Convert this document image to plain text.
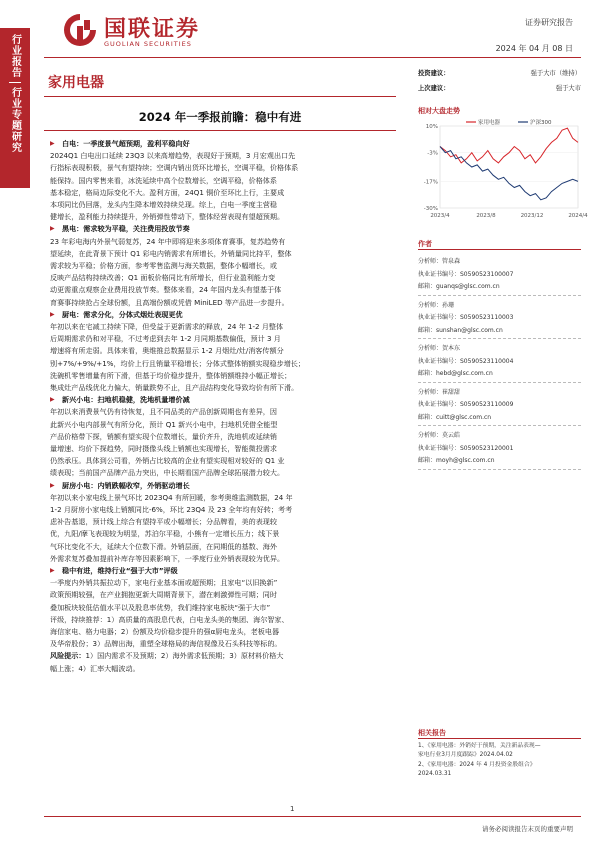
行业报告
行业专题研究
国联证券
GUOLIAN SECURITIES
证券研究报告
2024 年 04 月 08 日
家用电器
2024 年一季报前瞻：稳中有进
▶ 白电：一季度景气超预期，盈利平稳向好
2024Q1 白电出口延续 23Q3 以来高增趋势，表现好于预期，3 月宏观出口先
行指标表现积极，景气有望持续；空调内销出货环比增长，空调平稳，价格体系
能保持。国内零售来看，冰洗延续中高个位数增长，空调平稳，价格体系
基本稳定，格局边际变化不大。盈利方面，24Q1 铜价至环比上行，主要成
本项同比仍回落，龙头内生降本增效持续兑现。综上，白电一季度主营稳
健增长，盈利能力持续提升，外销弹性带动下，整体经营表现有望超预期。
▶ 黑电：需求较为平稳，关注费用投放节奏
23 年彩电海内外景气弱复苏，24 年中即将迎来多项体育赛事，复苏趋势有
望延续，在此背景下预计 Q1 彩电内销需求有所增长，外销量同比持平，整体
需求较为平稳；价格方面，参考零售监测与海关数据，整体小幅增长，或
反映产品结构持续改善；Q1 面板价格同比有所增长，但行业盈利能力变
动更需重点观察企业费用投放节奏。整体来看，24 年国内龙头有望基于体
育赛事持续抢占全球份额，且高端份额或凭借 MiniLED 等产品进一步提升。
▶ 厨电：需求分化，分体式烟灶表现更优
年初以来在宅减工持续下降，但受益于更新需求的释放，24 年 1-2 月整体
后周期需求仍和对平稳，不过考虑到去年 1-2 月同期基数偏低，预计 3 月
增速将有所走弱。具体来看，奥维推总数据显示 1-2 月烟灶/灶/消客传额分
别+7%/+9%/+1%，均价上行且销量平稳增长；分体式整体销额实现稳步增长；
洗碗机零售增量有所下滑，但基于均价稳步提升，整体销额维持小幅正增长；
集成灶产品线优化力偏大，销量跌势不止，且产品结构变化导致均价有所下滑。
▶ 新兴小电：扫地机稳健，洗地机量增价减
年初以来消费景气仍有待恢复，且不同品类的产品创新周期也有差异，因
此新兴小电内部景气有所分化，预计 Q1 新兴小电中，扫地机凭借全能型
产品价格带下探，销额有望实现个位数增长，量价齐升，洗地机或延续销
量增速、均价下探趋势，同时摄像头线上销额也实现增长，智能微投需求
仍然承压。具体到公司看，外销占比较高的企业有望实现相对较好的 Q1 业
绩表现；当前国产品牌产品力突出，中长期看国产品牌全球拓展潜力较大。
▶ 厨房小电：内销跌幅收窄，外销驱动增长
年初以来小家电线上景气环比 2023Q4 有所回暖，参考奥维监测数据，24 年
1-2 月厨房小家电线上销额同比-6%，环比 23Q4 及 23 全年均有好转；考考
虑补告基退，预计线上综合有望持平或小幅增长；分品牌看，美的表现较
优，九阳/摩飞表现较为明显，苏泊尔平稳，小熊有一定增长压力；线下景
气环比变化不大，延续大个位数下滑。外销层面，在同期低的基数、海外
外需求复苏叠加提前补库存等因素影响下，一季度行业外销表现较为优异。
▶ 稳中有进，维持行业“强于大市”评级
一季度内外销共振拉动下，家电行业基本面或超预期；且家电“以旧换新”
政策预期较强，在产业拥抱更新大周期背景下，潜在刺激弹性可期；同时
叠加板块较低估值水平以及股息率优势，我们维持家电板块“强于大市”
评级，持续推荐：1）高质量的高股息代表，白电龙头美的集团、海尔智家、
海信家电、格力电器；2）份额及均价稳步提升的强α厨电龙头，老板电器
及华帝股份；3）品牌出海，重塑全球格局的海信视像及石头科技等标的。
风险提示：1）国内需求不及预期；2）海外需求低预期；3）原材料价格大
幅上涨；4）汇率大幅波动。
投资建议：	强于大市（维持）
上次建议：	强于大市
相对大盘走势
10%
-3%
-17%
-30%
2023/4	2023/8	2023/12	2024/4
家用电器	沪深300
作者
分析师：管泉森
执业证书编号：S0590523100007
邮箱：guanqs@glsc.com.cn
分析师：孙珊
执业证书编号：S0590523110003
邮箱：sunshan@glsc.com.cn
分析师：贺本东
执业证书编号：S0590523110004
邮箱：hebd@glsc.com.cn
分析师：崔甜甜
执业证书编号：S0590523110009
邮箱：cuitt@glsc.com.cn
分析师：莫云皓
执业证书编号：S0590523120001
邮箱：moyh@glsc.com.cn
相关报告
1、《家用电器：外销好于预期，关注新品表现—
家电行业3月月度跟踪》2024.04.02
2、《家用电器：2024 年 4 月投资金股组合》
2024.03.31
1
请务必阅读报告末页的重要声明
